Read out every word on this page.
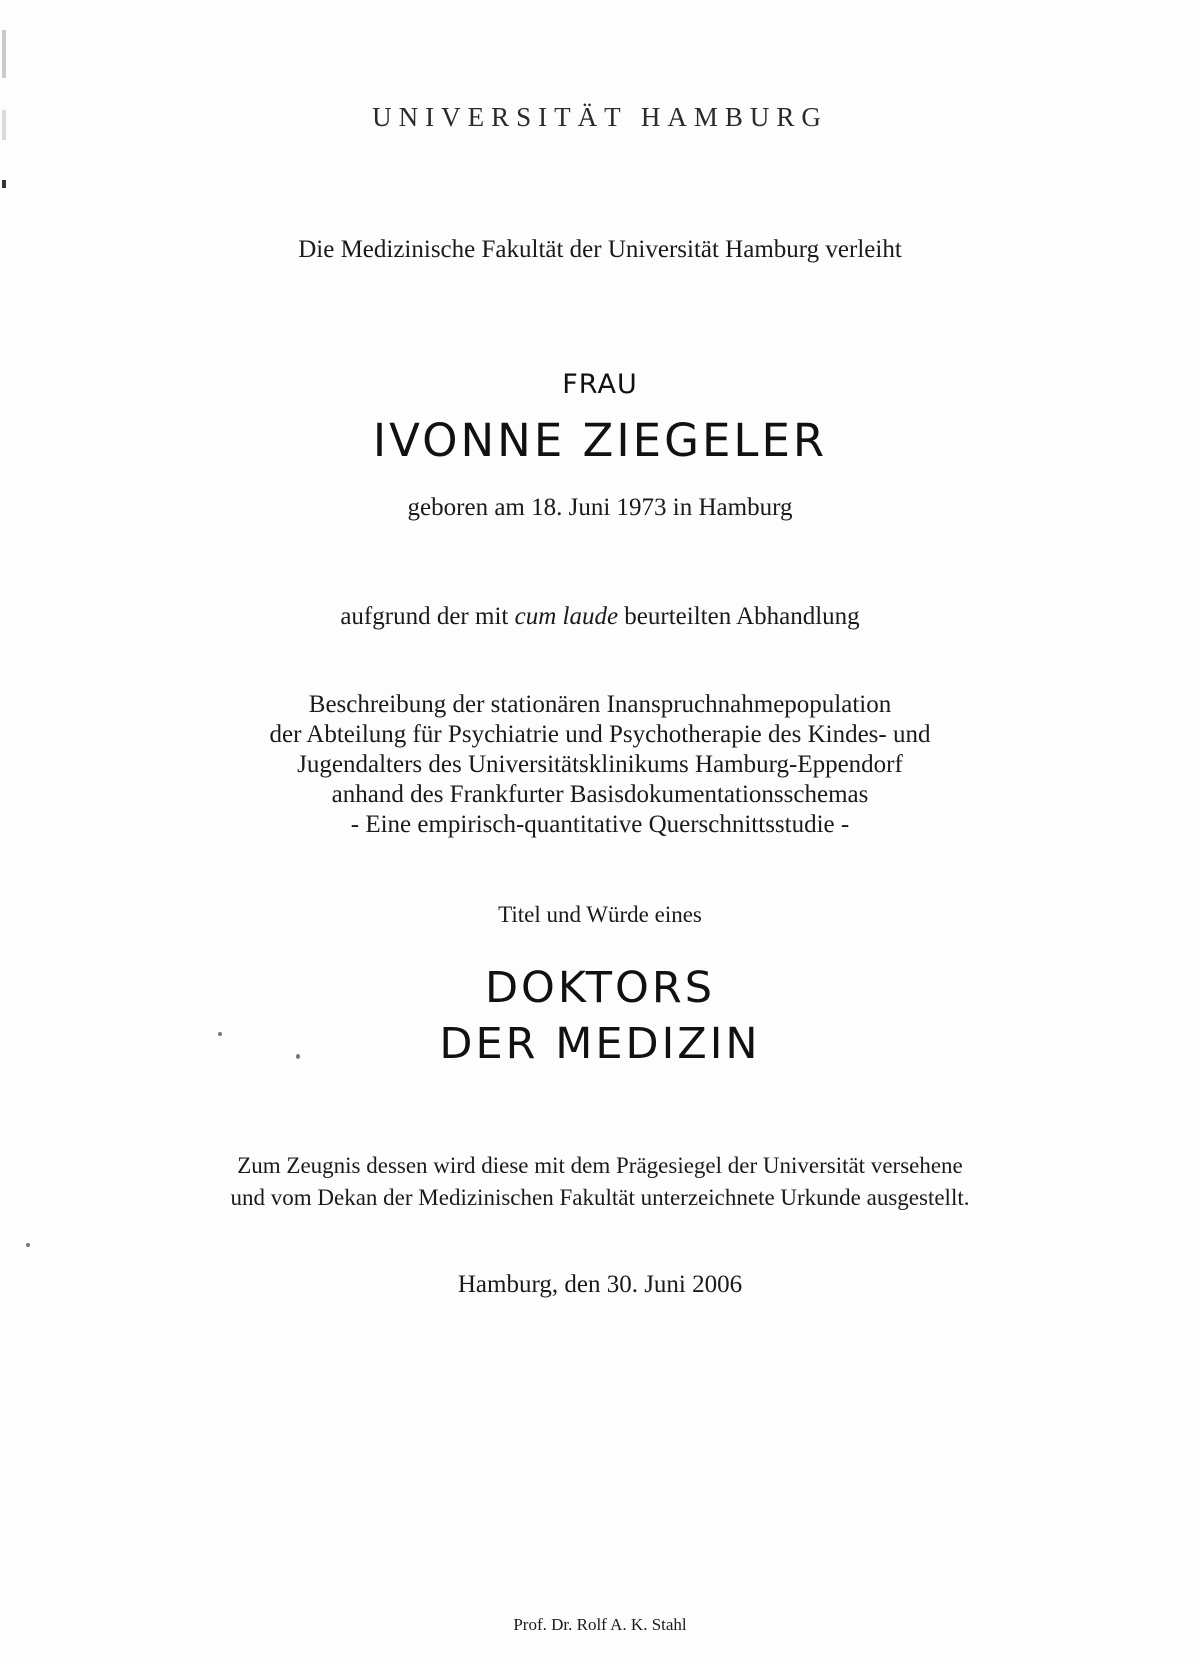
UNIVERSITÄT HAMBURG
Die Medizinische Fakultät der Universität Hamburg verleiht
FRAU
IVONNE ZIEGELER
geboren am 18. Juni 1973 in Hamburg
aufgrund der mit cum laude beurteilten Abhandlung
Beschreibung der stationären Inanspruchnahmepopulation
der Abteilung für Psychiatrie und Psychotherapie des Kindes- und
Jugendalters des Universitätsklinikums Hamburg-Eppendorf
anhand des Frankfurter Basisdokumentationsschemas
- Eine empirisch-quantitative Querschnittsstudie -
Titel und Würde eines
DOKTORS
DER MEDIZIN
Zum Zeugnis dessen wird diese mit dem Prägesiegel der Universität versehene
und vom Dekan der Medizinischen Fakultät unterzeichnete Urkunde ausgestellt.
Hamburg, den 30. Juni 2006
Prof. Dr. Rolf A. K. Stahl
